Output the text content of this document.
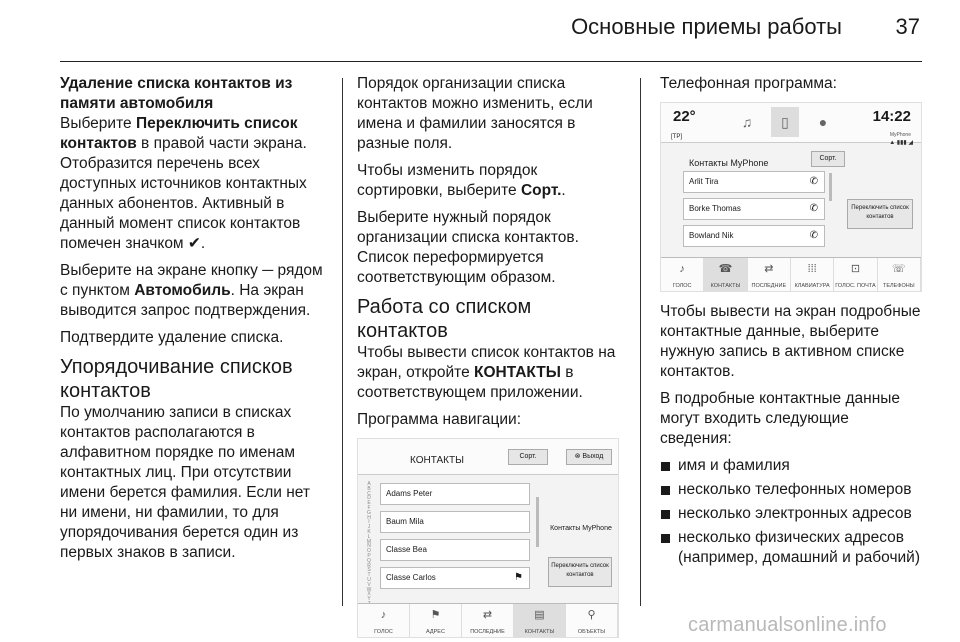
Основные приемы работы 37
Удаление списка контактов из памяти автомобиля

Выберите Переключить список контактов в правой части экрана. Отобразится перечень всех доступных источников контактных данных абонентов. Активный в данный момент список контактов помечен значком ✔.

Выберите на экране кнопку ─ рядом с пунктом Автомобиль. На экран выводится запрос подтверждения.

Подтвердите удаление списка.

Упорядочивание списков контактов

По умолчанию записи в списках контактов располагаются в алфавитном порядке по именам контактных лиц. При отсутствии имени берется фамилия. Если нет ни имени, ни фамилии, то для упорядочивания берется один из первых знаков в записи.

Порядок организации списка контактов можно изменить, если имена и фамилии заносятся в разные поля.

Чтобы изменить порядок сортировки, выберите Сорт..

Выберите нужный порядок организации списка контактов. Список переформируется соответствующим образом.

Работа со списком контактов

Чтобы вывести список контактов на экран, откройте КОНТАКТЫ в соответствующем приложении.

Программа навигации:

КОНТАКТЫ	Сорт.	⊗ Выход
A
B
C
D
E
F
G
H
I
J
K
L
M
N
O
P
Q
R
S
T
U
V
W
X
Y
Adams Peter
Baum Mila
Classe Bea
Classe Carlos	⚑
Контакты MyPhone
Переключить список контактов
♪
ГОЛОС
⚑
АДРЕС
⇄
ПОСЛЕДНИЕ
▤
КОНТАКТЫ
⚲
ОБЪЕКТЫ

Телефонная программа:

22°
[TP]
♫	▯	●	14:22
MyPhone
▲ ▮▮▮ ◢
Контакты MyPhone	Сорт.
Arlit Tira	✆
Borke Thomas	✆
Bowland Nik	✆
Переключить список контактов
♪
ГОЛОС
☎
КОНТАКТЫ
⇄
ПОСЛЕДНИЕ
⁞⁞⁞
КЛАВИАТУРА
⊡
ГОЛОС. ПОЧТА
☏
ТЕЛЕФОНЫ

Чтобы вывести на экран подробные контактные данные, выберите нужную запись в активном списке контактов.

В подробные контактные данные могут входить следующие сведения:

имя и фамилия
несколько телефонных номеров
несколько электронных адресов
несколько физических адресов (например, домашний и рабочий)
carmanualsonline.info
